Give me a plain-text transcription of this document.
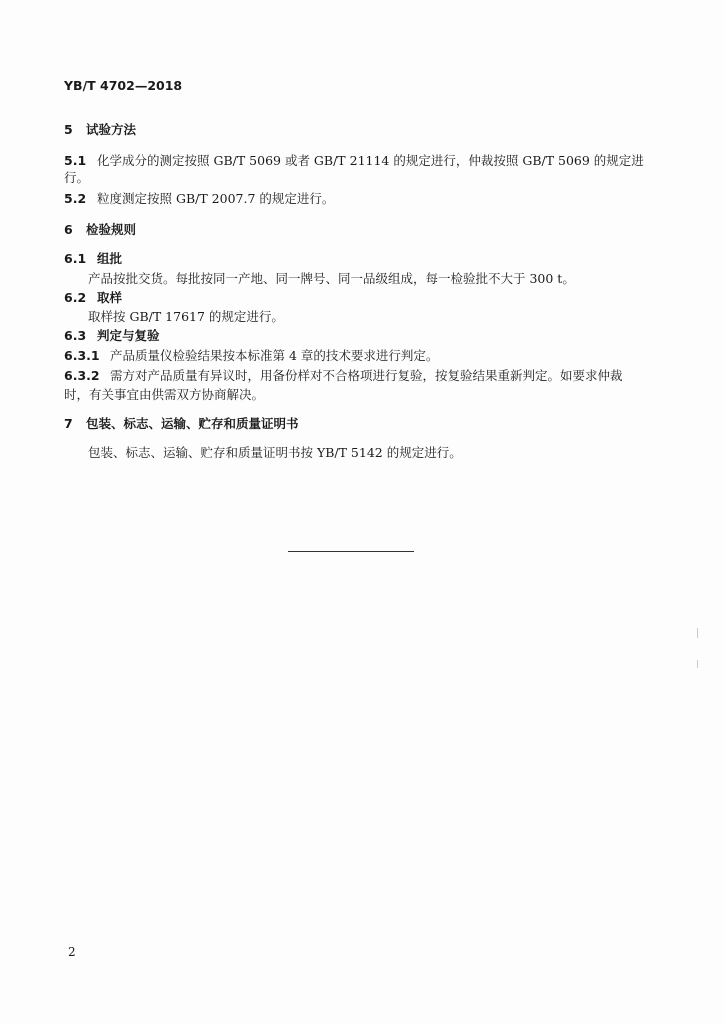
YB/T 4702—2018
5 试验方法
5.1 化学成分的测定按照 GB/T 5069 或者 GB/T 21114 的规定进行，仲裁按照 GB/T 5069 的规定进
行。
5.2 粒度测定按照 GB/T 2007.7 的规定进行。
6 检验规则
6.1 组批
产品按批交货。每批按同一产地、同一牌号、同一品级组成，每一检验批不大于 300 t。
6.2 取样
取样按 GB/T 17617 的规定进行。
6.3 判定与复验
6.3.1 产品质量仪检验结果按本标准第 4 章的技术要求进行判定。
6.3.2 需方对产品质量有异议时，用备份样对不合格项进行复验，按复验结果重新判定。如要求仲裁
时，有关事宜由供需双方协商解决。
7 包装、标志、运输、贮存和质量证明书
包装、标志、运输、贮存和质量证明书按 YB/T 5142 的规定进行。
2
